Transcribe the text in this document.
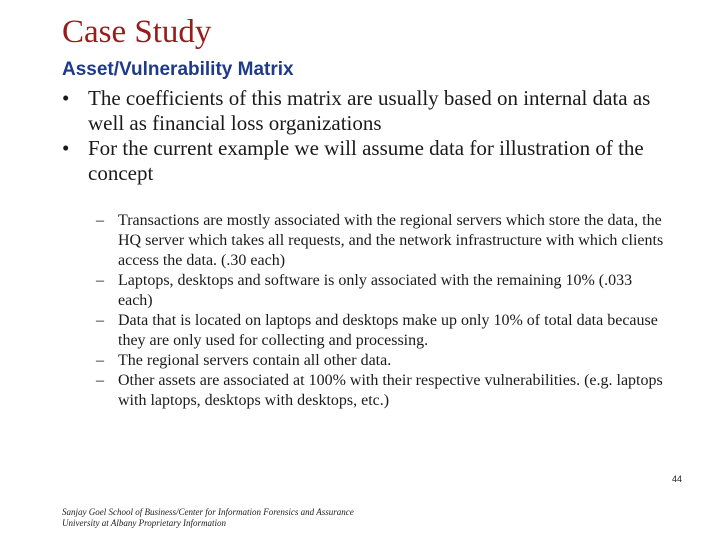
Case Study
Asset/Vulnerability Matrix
• The coefficients of this matrix are usually based on internal data as well as financial loss organizations
• For the current example we will assume data for illustration of the concept
– Transactions are mostly associated with the regional servers which store the data, the HQ server which takes all requests, and the network infrastructure with which clients access the data. (.30 each)
– Laptops, desktops and software is only associated with the remaining 10% (.033 each)
– Data that is located on laptops and desktops make up only 10% of total data because they are only used for collecting and processing.
– The regional servers contain all other data.
– Other assets are associated at 100% with their respective vulnerabilities. (e.g. laptops with laptops, desktops with desktops, etc.)
44
Sanjay Goel School of Business/Center for Information Forensics and Assurance
University at Albany Proprietary Information
